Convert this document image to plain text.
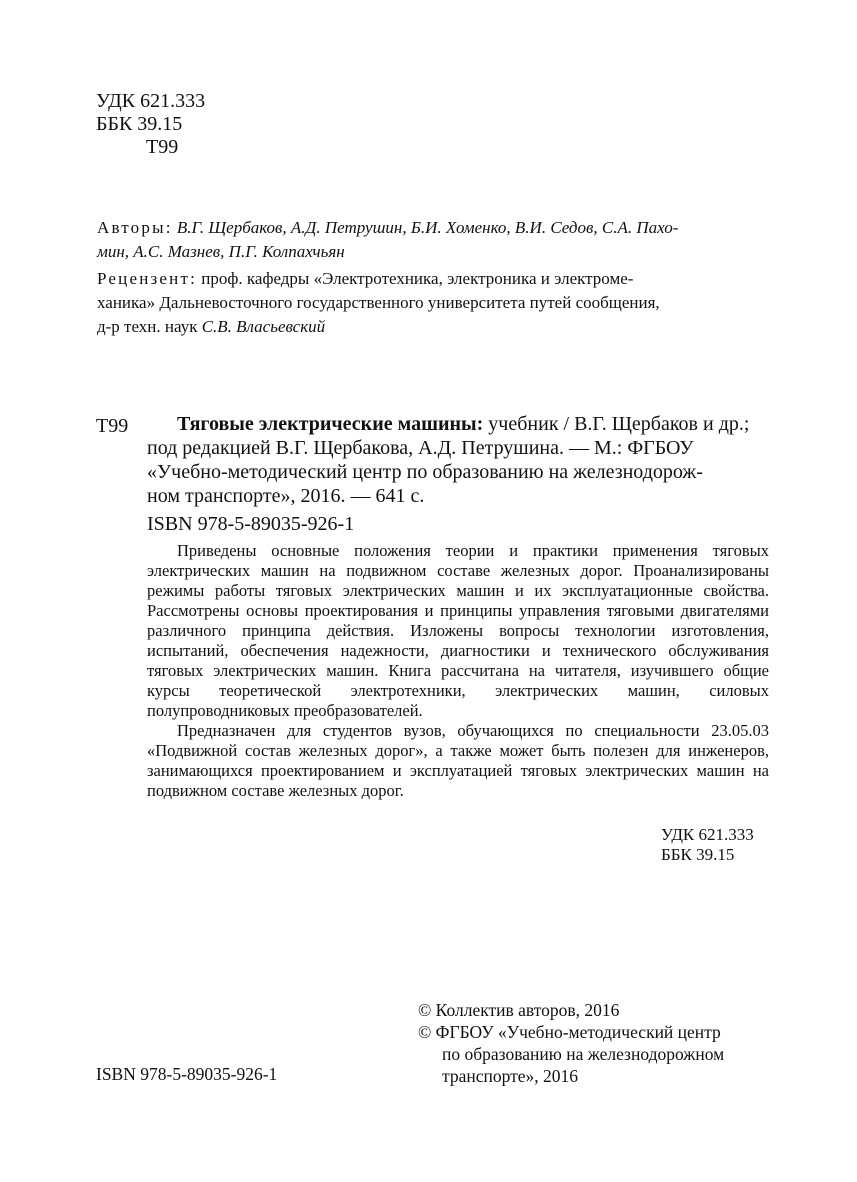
УДК 621.333
ББК 39.15
Т99
Авторы: В.Г. Щербаков, А.Д. Петрушин, Б.И. Хоменко, В.И. Седов, С.А. Пахо-
мин, А.С. Мазнев, П.Г. Колпахчьян
Рецензент: проф. кафедры «Электротехника, электроника и электроме-
ханика» Дальневосточного государственного университета путей сообщения,
д-р техн. наук С.В. Власьевский
Т99 Тяговые электрические машины: учебник / В.Г. Щербаков и др.;
под редакцией В.Г. Щербакова, А.Д. Петрушина. — М.: ФГБОУ
«Учебно-методический центр по образованию на железнодорож-
ном транспорте», 2016. — 641 с.
ISBN 978-5-89035-926-1

Приведены основные положения теории и практики применения тяговых электрических машин на подвижном составе железных дорог. Проанализированы режимы работы тяговых электрических машин и их эксплуатационные свойства. Рассмотрены основы проектирования и принципы управления тяговыми двигателями различного принципа действия. Изложены вопросы технологии изготовления, испытаний, обеспечения надежности, диагностики и технического обслуживания тяговых электрических машин. Книга рассчитана на читателя, изучившего общие курсы теоретической электротехники, электрических машин, силовых полупроводниковых преобразователей.

Предназначен для студентов вузов, обучающихся по специальности 23.05.03 «Подвижной состав железных дорог», а также может быть полезен для инженеров, занимающихся проектированием и эксплуатацией тяговых электрических машин на подвижном составе железных дорог.

УДК 621.333
ББК 39.15
© Коллектив авторов, 2016
© ФГБОУ «Учебно-методический центр
по образованию на железнодорожном
транспорте», 2016
ISBN 978-5-89035-926-1
